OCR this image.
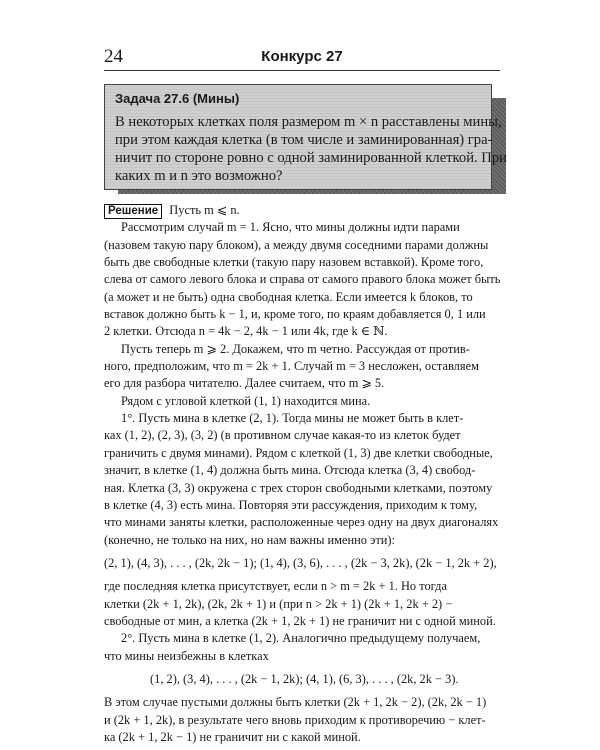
24	Конкурс 27
Задача 27.6 (Мины)
В некоторых клетках поля размером m × n расставлены мины,
при этом каждая клетка (в том числе и заминированная) гра-
ничит по стороне ровно с одной заминированной клеткой. При
каких m и n это возможно?
Решение Пусть m ⩽ n.
Рассмотрим случай m = 1. Ясно, что мины должны идти парами
(назовем такую пару блоком), а между двумя соседними парами должны
быть две свободные клетки (такую пару назовем вставкой). Кроме того,
слева от самого левого блока и справа от самого правого блока может быть
(а может и не быть) одна свободная клетка. Если имеется k блоков, то
вставок должно быть k − 1, и, кроме того, по краям добавляется 0, 1 или
2 клетки. Отсюда n = 4k − 2, 4k − 1 или 4k, где k ∈ ℕ.
Пусть теперь m ⩾ 2. Докажем, что m четно. Рассуждая от против-
ного, предположим, что m = 2k + 1. Случай m = 3 несложен, оставляем
его для разбора читателю. Далее считаем, что m ⩾ 5.
Рядом с угловой клеткой (1, 1) находится мина.
1°. Пусть мина в клетке (2, 1). Тогда мины не может быть в клет-
ках (1, 2), (2, 3), (3, 2) (в противном случае какая-то из клеток будет
граничить с двумя минами). Рядом с клеткой (1, 3) две клетки свободные,
значит, в клетке (1, 4) должна быть мина. Отсюда клетка (3, 4) свобод-
ная. Клетка (3, 3) окружена с трех сторон свободными клетками, поэтому
в клетке (4, 3) есть мина. Повторяя эти рассуждения, приходим к тому,
что минами заняты клетки, расположенные через одну на двух диагоналях
(конечно, не только на них, но нам важны именно эти):
(2, 1), (4, 3), . . . , (2k, 2k − 1); (1, 4), (3, 6), . . . , (2k − 3, 2k), (2k − 1, 2k + 2),
где последняя клетка присутствует, если n > m = 2k + 1. Но тогда
клетки (2k + 1, 2k), (2k, 2k + 1) и (при n > 2k + 1) (2k + 1, 2k + 2) −
свободные от мин, а клетка (2k + 1, 2k + 1) не граничит ни с одной миной.
2°. Пусть мина в клетке (1, 2). Аналогично предыдущему получаем,
что мины неизбежны в клетках
(1, 2), (3, 4), . . . , (2k − 1, 2k); (4, 1), (6, 3), . . . , (2k, 2k − 3).
В этом случае пустыми должны быть клетки (2k + 1, 2k − 2), (2k, 2k − 1)
и (2k + 1, 2k), в результате чего вновь приходим к противоречию − клет-
ка (2k + 1, 2k − 1) не граничит ни с какой миной.
